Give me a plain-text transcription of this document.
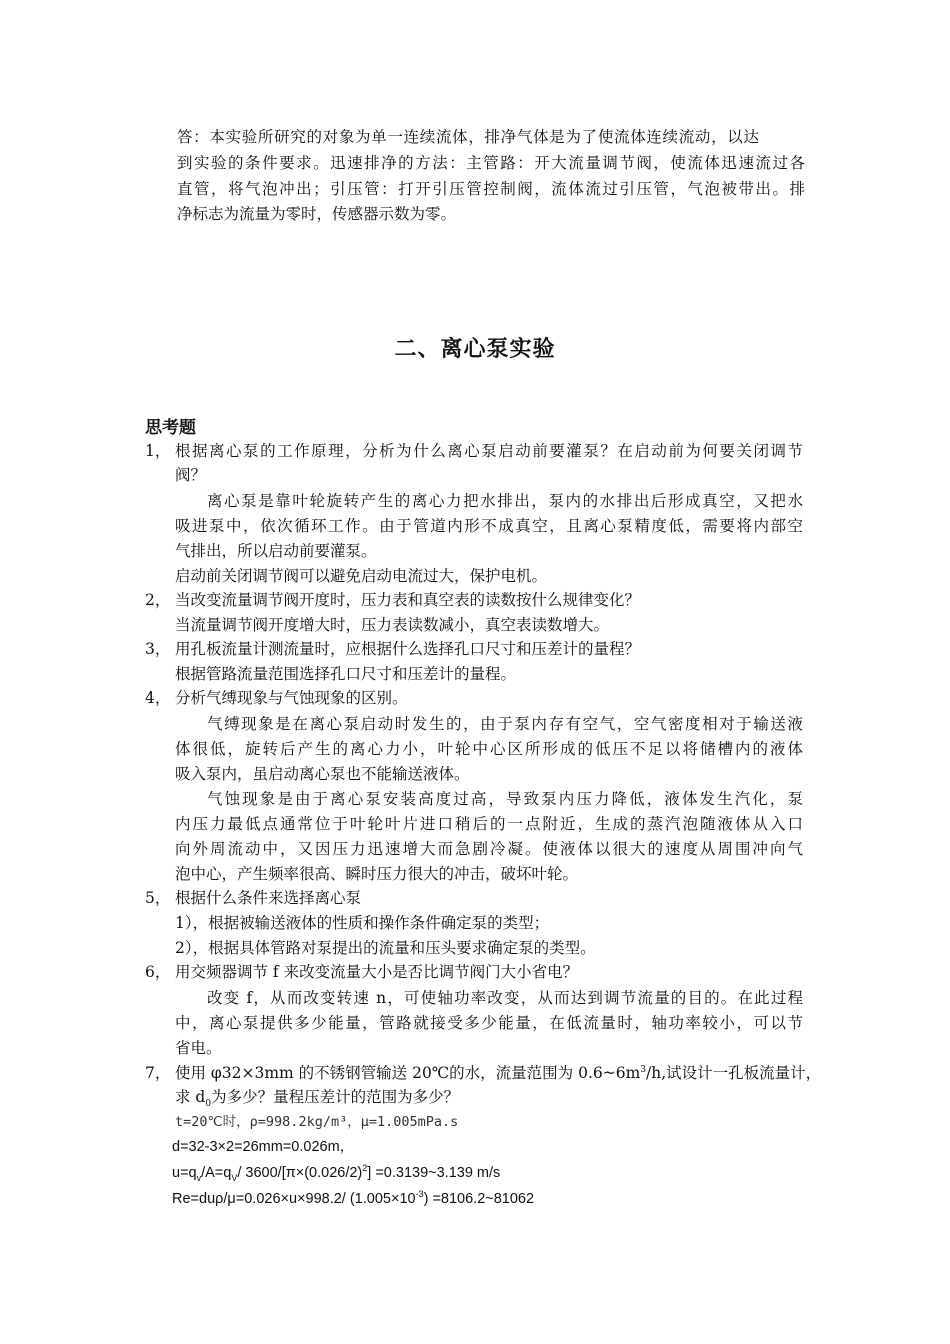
答：本实验所研究的对象为单一连续流体，排净气体是为了使流体连续流动，以达
到实验的条件要求。迅速排净的方法：主管路：开大流量调节阀，使流体迅速流过各
直管，将气泡冲出；引压管：打开引压管控制阀，流体流过引压管，气泡被带出。排
净标志为流量为零时，传感器示数为零。
二、离心泵实验
思考题
1， 根据离心泵的工作原理，分析为什么离心泵启动前要灌泵？在启动前为何要关闭调节
阀？
离心泵是靠叶轮旋转产生的离心力把水排出，泵内的水排出后形成真空，又把水
吸进泵中，依次循环工作。由于管道内形不成真空，且离心泵精度低，需要将内部空
气排出，所以启动前要灌泵。
启动前关闭调节阀可以避免启动电流过大，保护电机。
2， 当改变流量调节阀开度时，压力表和真空表的读数按什么规律变化？
当流量调节阀开度增大时，压力表读数减小，真空表读数增大。
3， 用孔板流量计测流量时，应根据什么选择孔口尺寸和压差计的量程？
根据管路流量范围选择孔口尺寸和压差计的量程。
4， 分析气缚现象与气蚀现象的区别。
气缚现象是在离心泵启动时发生的，由于泵内存有空气，空气密度相对于输送液
体很低，旋转后产生的离心力小，叶轮中心区所形成的低压不足以将储槽内的液体
吸入泵内，虽启动离心泵也不能输送液体。
气蚀现象是由于离心泵安装高度过高，导致泵内压力降低，液体发生汽化，泵
内压力最低点通常位于叶轮叶片进口稍后的一点附近，生成的蒸汽泡随液体从入口
向外周流动中，又因压力迅速增大而急剧冷凝。使液体以很大的速度从周围冲向气
泡中心，产生频率很高、瞬时压力很大的冲击，破坏叶轮。
5， 根据什么条件来选择离心泵
1），根据被输送液体的性质和操作条件确定泵的类型；
2），根据具体管路对泵提出的流量和压头要求确定泵的类型。
6， 用交频器调节 f 来改变流量大小是否比调节阀门大小省电？
改变 f，从而改变转速 n，可使轴功率改变，从而达到调节流量的目的。在此过程
中，离心泵提供多少能量，管路就接受多少能量，在低流量时，轴功率较小，可以节
省电。
7， 使用 φ32×3mm 的不锈钢管输送 20℃的水，流量范围为 $0.6\sim 6m^3/h$,试设计一孔板流量计，
求 $d_0$为多少？量程压差计的范围为多少？
t=20℃时，ρ=998.2kg/m³，μ=1.005mPa.s
d=32-3×2=26mm=0.026m，
$u=q_v/A=q_V/$ $3600/[\pi\times(0.026/2)^2]$ =0.3139~3.139 m/s
Re=duρ/μ=0.026×u×998.2/ $(1.005\times 10^{-3})$ =8106.2~81062
